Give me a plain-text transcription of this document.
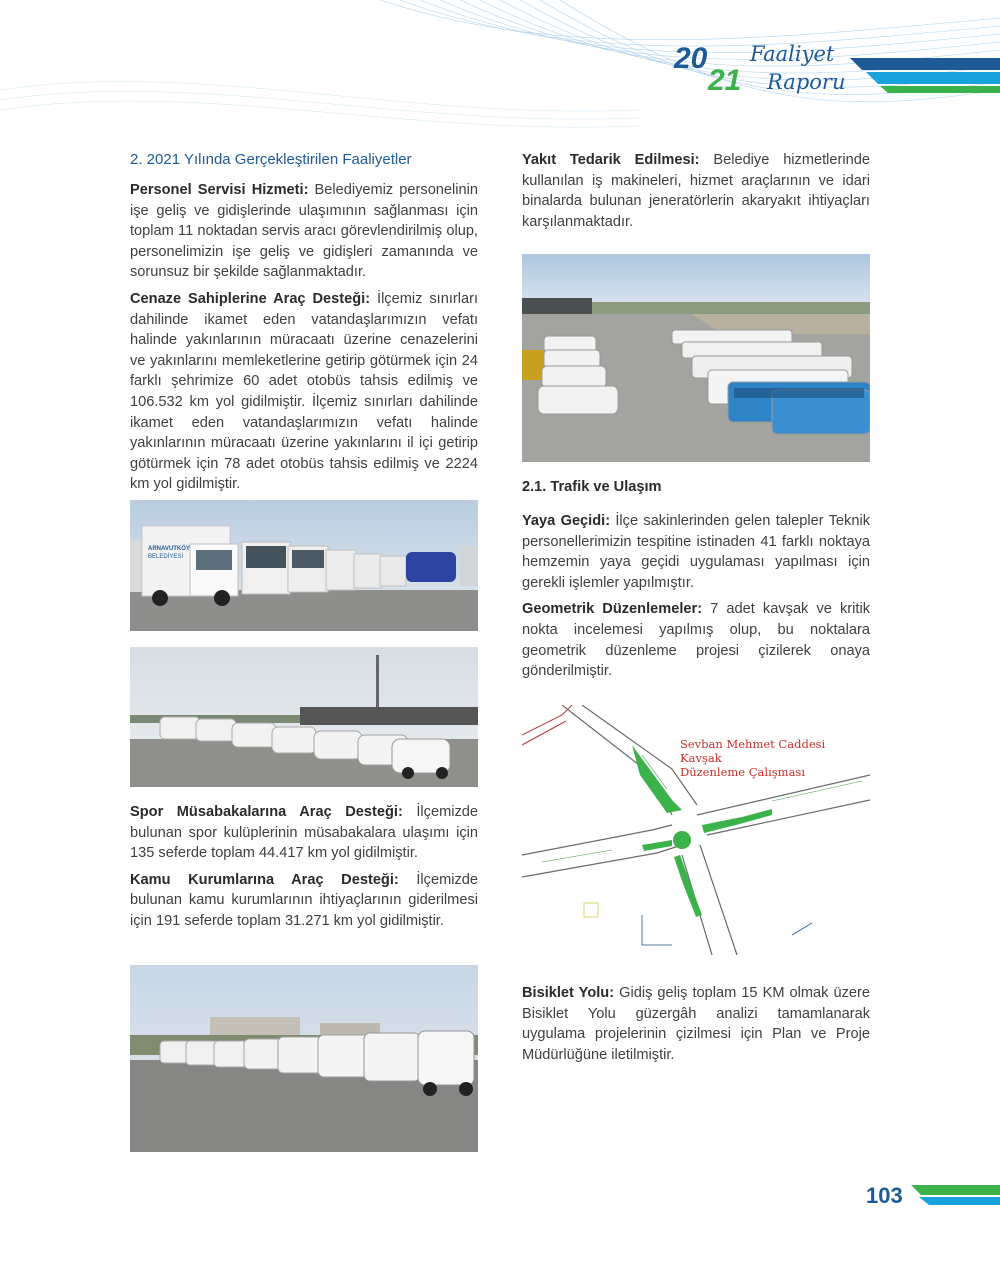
20
21
Faaliyet
Raporu
2. 2021 Yılında Gerçekleştirilen Faaliyetler

Personel Servisi Hizmeti: Belediyemiz personelinin işe geliş ve gidişlerinde ulaşımının sağlanması için toplam 11 noktadan servis aracı görevlendirilmiş olup, personelimizin işe geliş ve gidişleri zamanında ve sorunsuz bir şekilde sağlanmaktadır.

Cenaze Sahiplerine Araç Desteği: İlçemiz sınırları dahilinde ikamet eden vatandaşlarımızın vefatı halinde yakınlarının müracaatı üzerine cenazelerini ve yakınlarını memleketlerine getirip götürmek için 24 farklı şehrimize 60 adet otobüs tahsis edilmiş ve 106.532 km yol gidilmiştir. İlçemiz sınırları dahilinde ikamet eden vatandaşlarımızın vefatı halinde yakınlarının müracaatı üzerine yakınlarını il içi getirip götürmek için 78 adet otobüs tahsis edilmiş ve 2224 km yol gidilmiştir.

ARNAVUTKÖY
BELEDİYESİ

Spor Müsabakalarına Araç Desteği: İlçemizde bulunan spor kulüplerinin müsabakalara ulaşımı için 135 seferde toplam 44.417 km yol gidilmiştir.

Kamu Kurumlarına Araç Desteği: İlçemizde bulunan kamu kurumlarının ihtiyaçlarının giderilmesi için 191 seferde toplam 31.271 km yol gidilmiştir.

Yakıt Tedarik Edilmesi: Belediye hizmetlerinde kullanılan iş makineleri, hizmet araçlarının ve idari binalarda bulunan jeneratörlerin akaryakıt ihtiyaçları karşılanmaktadır.

2.1. Trafik ve Ulaşım

Yaya Geçidi: İlçe sakinlerinden gelen talepler Teknik personellerimizin tespitine istinaden 41 farklı noktaya hemzemin yaya geçidi uygulaması yapılması için gerekli işlemler yapılmıştır.

Geometrik Düzenlemeler: 7 adet kavşak ve kritik nokta incelemesi yapılmış olup, bu noktalara geometrik düzenleme projesi çizilerek onaya gönderilmiştir.

Sevban Mehmet Caddesi Kavşak
Düzenleme Çalışması

Bisiklet Yolu: Gidiş geliş toplam 15 KM olmak üzere Bisiklet Yolu güzergâh analizi tamamlanarak uygulama projelerinin çizilmesi için Plan ve Proje Müdürlüğüne iletilmiştir.

103
